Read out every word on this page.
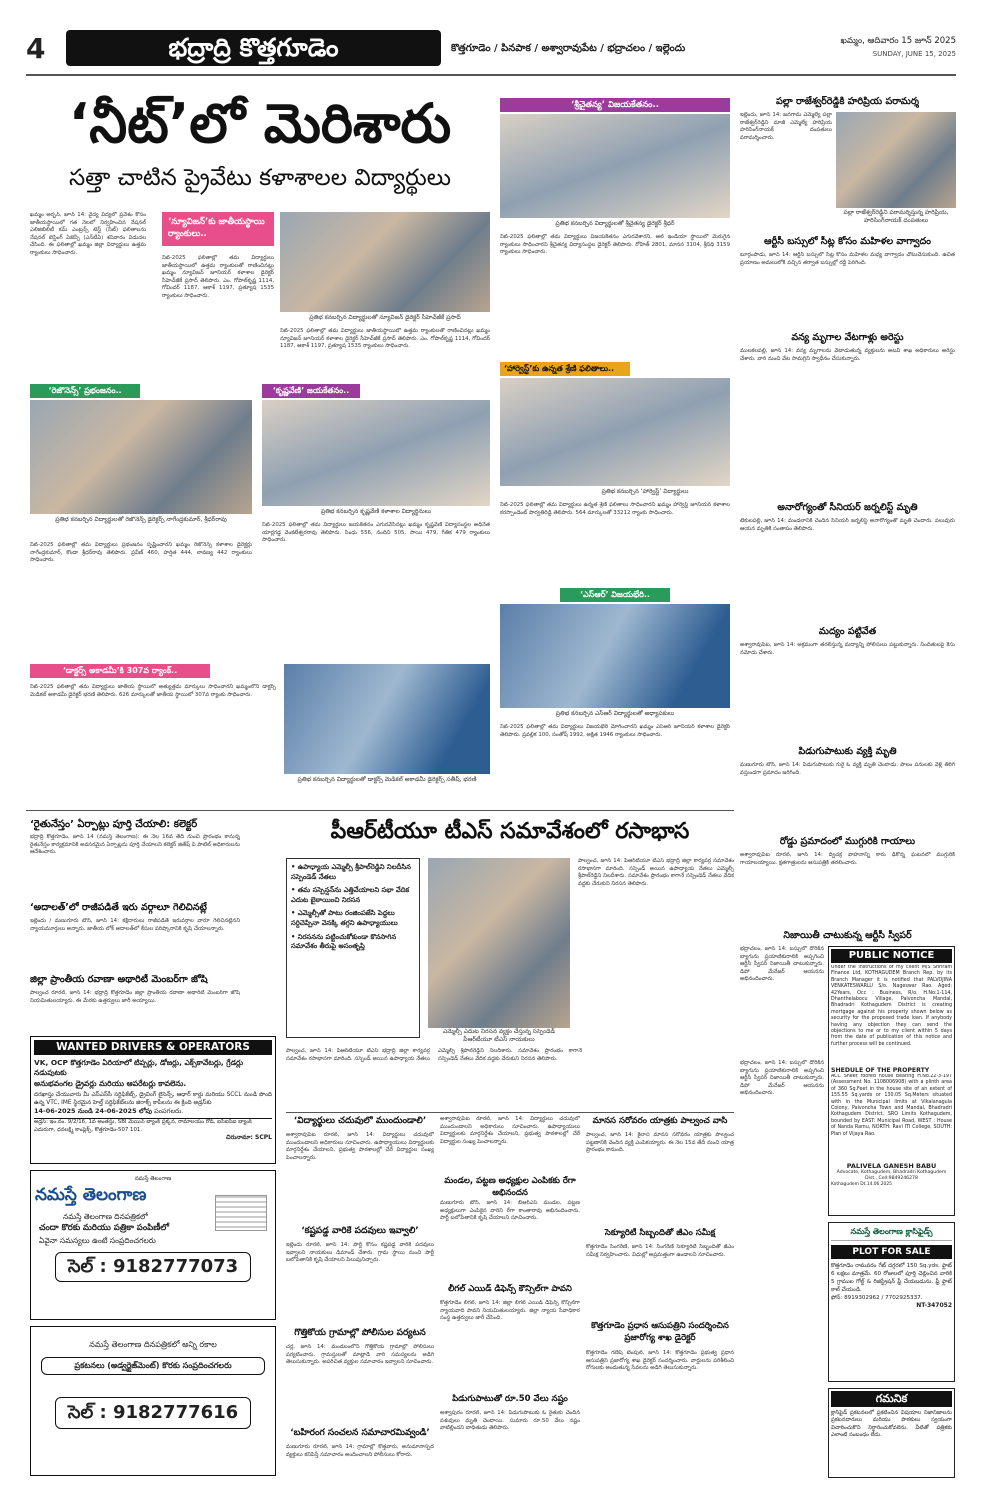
4	భద్రాద్రి కొత్తగూడెం	కొత్తగూడెం / పినపాక / అశ్వారావుపేట / భద్రాచలం / ఇల్లెందు
ఖమ్మం, ఆదివారం 15 జూన్ 2025
SUNDAY, JUNE 15, 2025
‘నీట్’లో మెరిశారు
సత్తా చాటిన ప్రైవేటు కళాశాలల విద్యార్థులు
ఖమ్మం అర్బన్, జూన్ 14: వైద్య విద్యలో ప్రవేశం కోసం జాతీయస్థాయిలో గత నెలలో నిర్వహించిన నేషనల్ ఎలిజిబిలిటీ కమ్ ఎంట్రన్స్ టెస్ట్ (నీట్) ఫలితాలను నేషనల్ టెస్టింగ్ ఏజెన్సీ (ఎన్‌టీఏ) శనివారం విడుదల చేసింది. ఈ ఫలితాల్లో ఖమ్మం జిల్లా విద్యార్థులు ఉత్తమ ర్యాంకులు సాధించారు.
‘న్యూవిజన్’కు జాతీయస్థాయి ర్యాంకులు..
ప్రతిభ కనబర్చిన విద్యార్థులతో న్యూవిజన్ డైరెక్టర్ సీహెచ్‌జీకే ప్రసాద్
నీట్-2025 ఫలితాల్లో తమ విద్యార్థులు జాతీయస్థాయిలో ఉత్తమ ర్యాంకులతో రాణించినట్లు ఖమ్మం న్యూవిజన్ జూనియర్ కళాశాల డైరెక్టర్ సీహెచ్‌జీకే ప్రసాద్ తెలిపారు. ఎం. గోపాల్‌కృష్ణ 1114, గోవిందర్ 1187, ఆకాశ్ 1197, ప్రత్యూష 1535 ర్యాంకులు సాధించారు.
నీట్-2025 ఫలితాల్లో తమ విద్యార్థులు జాతీయస్థాయిలో ఉత్తమ ర్యాంకులతో రాణించినట్లు ఖమ్మం న్యూవిజన్ జూనియర్ కళాశాల డైరెక్టర్ సీహెచ్‌జీకే ప్రసాద్ తెలిపారు. ఎం. గోపాల్‌కృష్ణ 1114, గోవిందర్ 1187, ఆకాశ్ 1197, ప్రత్యూష 1535 ర్యాంకులు సాధించారు.
‘శ్రీచైతన్య’ విజయకేతనం..
ప్రతిభ కనబర్చిన విద్యార్థులతో శ్రీచైతన్య డైరెక్టర్ శ్రీధర్
నీట్-2025 ఫలితాల్లో తమ విద్యార్థులు విజయకేతనం ఎగురవేశారని, ఆల్ ఇండియా స్థాయిలో మెరుగైన ర్యాంకులు సాధించారని శ్రీచైతన్య విద్యాసంస్థల డైరెక్టర్ తెలిపారు. రోహిత్ 2801, మానస 3104, శ్రీనిధి 3159 ర్యాంకులు సాధించారు.
‘హార్వెస్ట్’కు ఉన్నత శ్రేణి ఫలితాలు..
ప్రతిభ కనబర్చిన ‘హార్వెస్ట్’ విద్యార్థులు
నీట్-2025 ఫలితాల్లో తమ విద్యార్థులు ఉన్నత శ్రేణి ఫలితాలు సాధించారని ఖమ్మం హార్వెస్ట్ జూనియర్ కళాశాల కరస్పాండెంట్ పార్వతిరెడ్డి తెలిపారు. 564 మార్కులతో 33212 ర్యాంకు సాధించారు.
‘ఎస్ఆర్’ విజయభేరి..
ప్రతిభ కనబర్చిన ఎస్ఆర్ విద్యార్థులతో అధ్యాపకులు
నీట్-2025 ఫలితాల్లో తమ విద్యార్థులు విజయభేరి మోగించారని ఖమ్మం ఎస్ఆర్ జూనియర్ కళాశాల డైరెక్టర్ తెలిపారు. ప్రవల్లిక 100, సంతోష్ 1992, అక్షిత 1946 ర్యాంకులు సాధించారు.
‘రెజొనెన్స్’ ప్రభంజనం..
ప్రతిభ కనబర్చిన విద్యార్థులతో రెజొనెన్స్ డైరెక్టర్స్ నాగేంద్రకుమార్, శ్రీధర్‌రావు
నీట్-2025 ఫలితాల్లో తమ విద్యార్థులు ప్రభంజనం సృష్టించారని ఖమ్మం రెజొనెన్స్ కళాశాల డైరెక్టర్లు నాగేంద్రకుమార్, కొండా శ్రీధర్‌రావు తెలిపారు. ప్రవీణ్ 460, హర్షిత 444, లావణ్య 442 ర్యాంకులు సాధించారు.
‘కృష్ణవేణి’ జయకేతనం..
ప్రతిభ కనబర్చిన కృష్ణవేణి కళాశాల విద్యార్థినులు
నీట్-2025 ఫలితాల్లో తమ విద్యార్థులు జయకేతనం ఎగురవేసినట్లు ఖమ్మం కృష్ణవేణి విద్యాసంస్థల అధినేత యార్లగడ్డ వెంకటేశ్వరరావు తెలిపారు. సింధు 556, నందిని 505, సాయి 479, గీతిక 479 ర్యాంకులు సాధించారు.
‘డాక్టర్స్ అకాడమీ’కి 307వ ర్యాంక్..
నీట్-2025 ఫలితాల్లో తమ విద్యార్థులు జాతీయ స్థాయిలో అత్యుత్తమ మార్కులు సాధించారని ఖమ్మంలోని డాక్టర్స్ మెడికల్ అకాడమీ డైరెక్టర్ భరణి తెలిపారు. 626 మార్కులతో జాతీయ స్థాయిలో 307వ ర్యాంకు సాధించారు.
ప్రతిభ కనబర్చిన విద్యార్థులతో డాక్టర్స్ మెడికల్ అకాడమీ డైరెక్టర్స్ సతీష్, భరణి
పల్లా రాజేశ్వర్‌రెడ్డికి హరిప్రియ పరామర్శ
ఇల్లెందు, జూన్ 14: జనగామ ఎమ్మెల్యే పల్లా రాజేశ్వర్‌రెడ్డిని మాజీ ఎమ్మెల్యే హరిప్రియ హరిసింగ్‌నాయక్ దంపతులు పరామర్శించారు.
పల్లా రాజేశ్వర్‌రెడ్డిని పరామర్శిస్తున్న హరిప్రియ, హరిసింగ్‌నాయక్ దంపతులు
ఆర్టీసీ బస్సులో సీట్ల కోసం మహిళల వాగ్వాదం
బూర్గంపాడు, జూన్ 14: ఆర్టీసీ బస్సులో సీట్ల కోసం మహిళల మధ్య వాగ్వాదం చోటుచేసుకుంది. ఉచిత ప్రయాణం అమలులోకి వచ్చిన తర్వాత బస్సుల్లో రద్దీ పెరిగింది.
వన్య మృగాల వేటగాళ్లు అరెస్టు
ములకలపల్లి, జూన్ 14: వన్య మృగాలను వేటాడుతున్న వ్యక్తులను అటవీ శాఖ అధికారులు అరెస్టు చేశారు. వారి నుంచి వేట సామగ్రిని స్వాధీనం చేసుకున్నారు.
అనారోగ్యంతో సీనియర్ జర్నలిస్ట్ మృతి
టేకులపల్లి, జూన్ 14: మండలానికి చెందిన సీనియర్ జర్నలిస్ట్ అనారోగ్యంతో మృతి చెందారు. పలువురు ఆయన మృతికి సంతాపం తెలిపారు.
మద్యం పట్టివేత
అశ్వారావుపేట, జూన్ 14: అక్రమంగా తరలిస్తున్న మద్యాన్ని పోలీసులు పట్టుకున్నారు. నిందితులపై కేసు నమోదు చేశారు.
పిడుగుపాటుకు వ్యక్తి మృతి
మణుగూరు టౌన్, జూన్ 14: పిడుగుపాటుకు గురై ఓ వ్యక్తి మృతి చెందాడు. పొలం పనులకు వెళ్లి తిరిగి వస్తుండగా ప్రమాదం జరిగింది.
రోడ్డు ప్రమాదంలో ముగ్గురికి గాయాలు
అశ్వారావుపేట రూరల్, జూన్ 14: ద్విచక్ర వాహనాన్ని కారు ఢీకొన్న ఘటనలో ముగ్గురికి గాయాలయ్యాయి. క్షతగాత్రులను ఆసుపత్రికి తరలించారు.
నిజాయితీ చాటుకున్న ఆర్టీసీ స్వీపర్
భద్రాచలం, జూన్ 14: బస్సులో దొరికిన బ్యాగును ప్రయాణికురాలికి అప్పగించి ఆర్టీసీ స్వీపర్ నిజాయితీ చాటుకున్నారు. డిపో మేనేజర్ ఆయనను అభినందించారు.
PUBLIC NOTICE
Under the instructions of my client M/S Shriram Finance Ltd, KOTHAGUDEM Branch Rep. by its Branch Manager it is notified that PALVOJINA VENKATESWARLU S/o. Nageswar Rao. Aged: 42Years, Occ : Business, R/o. H.No:1-114, Dhanthelabocu Village, Palvoncha Mandal, Bhadradri Kothagudem District is creating mortgage against his property shown below as security for the proposed trade loan. If anybody having any objection they can send the objections to me or to my client within 5 days from the date of publication of this notice and further process will be continued.
SHEDULE OF THE PROPERTY
ACC Sheet roofed house bearing H.No.22-3-197 (Assessment No. 1108006908) with a plinth area of 360 Sq.Feet in the house site of an extent of 155.55 Sq.yards or 130.05 Sq.Meters situated with in the Municipal limits at Vikalanagula Colony, Palvoncha Town and Mandal, Bhadradri Kothagudem District, SRO Limits Kothagudem, bounded by EAST: Municipal Road, WEST : House of Nanda Ramu, NORTH: Ravi ITI College, SOUTH: Plan of Vijaya Rao.
PALIVELA GANESH BABU
Advocate, Kothagudem, Bhadradri Kothagudem Dist., Cell:9849246278
Kothagudem Dt.14.06.2025
నమస్తే తెలంగాణ క్లాసిఫైడ్స్
PLOT FOR SALE
కొత్తగూడెం రామవరం గేట్ దగ్గరలో 150 Sq.yds. ఫ్లాట్ 6 లక్షలు మాత్రమే. 60 రోజులలో పూర్తి చెల్లించిన వారికి 5 గ్రాముల గోల్డ్ & రిజిస్ట్రేషన్ ఫ్రీ చేయబడును. ఫ్రీ ఫ్లాట్ కాల్ చేయండి.
ఫోన్: 8919302962 / 7702925337.
NT-347052
గమనిక
క్లాసిఫైడ్ ప్రకటనలలో ప్రకటించిన విషయాల నిజానిజాలను ప్రకటనదారులు మరియు పాఠకులు స్వయంగా విచారించుకొని నిర్ధారించుకోవలెను. వీటితో పత్రికకు ఎలాంటి సంబంధం లేదు.
‘రైతునేస్తం’ ఏర్పాట్లు పూర్తి చేయాలి: కలెక్టర్
భద్రాద్రి కొత్తగూడెం, జూన్ 14 (నమస్తే తెలంగాణ): ఈ నెల 16వ తేదీ నుంచి ప్రారంభం కానున్న రైతునేస్తం కార్యక్రమానికి అవసరమైన ఏర్పాట్లను పూర్తి చేయాలని కలెక్టర్ జితేష్ వి పాటిల్ అధికారులను ఆదేశించారు.
‘అదాలత్’లో రాజీపడితే ఇరు వర్గాలూ గెలిచినట్లే
ఇల్లెందు / మణుగూరు టౌన్, జూన్ 14: కక్షిదారులు రాజీపడితే ఇరువర్గాల వారూ గెలిచినట్లేనని న్యాయమూర్తులు అన్నారు. జాతీయ లోక్ అదాలత్‌లో కేసుల పరిష్కారానికి కృషి చేయాలన్నారు.
జిల్లా ప్రాంతీయ రవాణా అథారిటీ మెంబర్‌గా జోషి
పాల్వంచ రూరల్, జూన్ 14: భద్రాద్రి కొత్తగూడెం జిల్లా ప్రాంతీయ రవాణా అథారిటీ మెంబర్‌గా జోషి నియమితులయ్యారు. ఈ మేరకు ఉత్తర్వులు జారీ అయ్యాయి.
WANTED DRIVERS & OPERATORS
VK, OCP కొత్తగూడెం ఏరియాలో టిప్పర్లు, డోజర్లు, ఎక్స్‌కావేటర్లు, గ్రేడర్లు నడుపుటకు
అనుభవంగల డ్రైవర్లు మరియు ఆపరేటర్లు కావలెను.
దరఖాస్తు చేయువారు మీ ఎస్ఎస్‌సీ సర్టిఫికేట్స్, డ్రైవింగ్ లైసెన్స్, ఆధార్ కార్డు మరియు SCCL నుండి పొంది ఉన్న VTC, IME స్థిరమైన హెల్త్ సర్టిఫికేట్‌లను జిరాక్స్ కాపీలను ఈ క్రింది అడ్రస్‌కు
14-06-2025 నుండి 24-06-2025 లోపు పంపగలరు.
అడ్రస్: ఇం.నం. 9/2/16, 1వ అంతస్తు, SBI మెయిన్ బ్యాంక్ ప్రక్కన, రామాలయం రోడ్, ఐసీఐసీఐ బ్యాంక్ ఎదురుగా, ధనలక్ష్మి కాంప్లెక్స్, కొత్తగూడెం-507 101.
చిరునామా: SCPL
నమస్తే తెలంగాణ
నమస్తే తెలంగాణ
నమస్తే తెలంగాణ దినపత్రికలో
చందా కొరకు మరియు పత్రికా పంపిణీలో
ఏవైనా సమస్యలు ఉంటే సంప్రదించగలరు
సెల్ : 9182777073
నమస్తే తెలంగాణ దినపత్రికలో అన్ని రకాల
ప్రకటనలు (అడ్వర్టైజ్‌మెంట్) కొరకు సంప్రదించగలరు
సెల్ : 9182777616
పీఆర్‌టీయూ టీఎస్ సమావేశంలో రసాభాస
• ఉపాధ్యాయ ఎమ్మెల్సీ శ్రీపాల్‌రెడ్డిని నిలదీసిన సస్పెండెడ్ నేతలు
• తమ సస్పెన్షన్‌ను ఎత్తివేయాలని సభా వేదిక ఎదుట బైఠాయించి నిరసన
• ఎమ్మెల్సీతో పాటు రంజింపజేసి పెద్దలు సర్దిచెప్పినా వెనక్కి తగ్గని ఉపాధ్యాయులు
• నిరసనను పట్టించుకోకుండా కొనసాగిన సమావేశం తీరుపై అసంతృప్తి
ఎమ్మెల్సీ ఎదుట నిరసన వ్యక్తం చేస్తున్న సస్పెండెడ్ పీఆర్‌టీయూ టీఎస్ నాయకులు
పాల్వంచ, జూన్ 14: పీఆర్‌టీయూ టీఎస్ భద్రాద్రి జిల్లా కార్యవర్గ సమావేశం రసాభాసగా మారింది. సస్పెండ్ అయిన ఉపాధ్యాయ నేతలు ఎమ్మెల్సీ శ్రీపాల్‌రెడ్డిని నిలదీశారు. సమావేశం ప్రారంభం కాగానే సస్పెండెడ్ నేతలు వేదిక వద్దకు చేరుకుని నిరసన తెలిపారు.
పాల్వంచ, జూన్ 14: పీఆర్‌టీయూ టీఎస్ భద్రాద్రి జిల్లా కార్యవర్గ సమావేశం రసాభాసగా మారింది. సస్పెండ్ అయిన ఉపాధ్యాయ నేతలు ఎమ్మెల్సీ శ్రీపాల్‌రెడ్డిని నిలదీశారు. సమావేశం ప్రారంభం కాగానే సస్పెండెడ్ నేతలు వేదిక వద్దకు చేరుకుని నిరసన తెలిపారు.
‘విద్యార్థులు చదువులో ముందుండాలి’
అశ్వారావుపేట రూరల్, జూన్ 14: విద్యార్థులు చదువులో ముందుండాలని అధికారులు సూచించారు. ఉపాధ్యాయులు విద్యార్థులకు మార్గనిర్దేశం చేయాలని, ప్రభుత్వ పాఠశాలల్లో చేరే విద్యార్థుల సంఖ్య పెంచాలన్నారు.
‘కష్టపడ్డ వారికే పదవులు ఇవ్వాలి’
ఇల్లెందు రూరల్, జూన్ 14: పార్టీ కోసం కష్టపడ్డ వారికే పదవులు ఇవ్వాలని నాయకులు డిమాండ్ చేశారు. గ్రామ స్థాయి నుంచి పార్టీ బలోపేతానికి కృషి చేయాలని పిలుపునిచ్చారు.
గొత్తికోయ గ్రామాల్లో పోలీసుల పర్యటన
చర్ల, జూన్ 14: మండలంలోని గొత్తికోయ గ్రామాల్లో పోలీసులు పర్యటించారు. గ్రామస్తులతో మాట్లాడి వారి సమస్యలను అడిగి తెలుసుకున్నారు. అపరిచిత వ్యక్తుల సమాచారం ఇవ్వాలని సూచించారు.
‘బహిరంగ సంచలన సమాచారమివ్వండి’
మణుగూరు రూరల్, జూన్ 14: గ్రామాల్లో కొత్తవారు, అనుమానాస్పద వ్యక్తులు కనిపిస్తే సమాచారం అందించాలని పోలీసులు కోరారు.
అశ్వారావుపేట రూరల్, జూన్ 14: విద్యార్థులు చదువులో ముందుండాలని అధికారులు సూచించారు. ఉపాధ్యాయులు విద్యార్థులకు మార్గనిర్దేశం చేయాలని, ప్రభుత్వ పాఠశాలల్లో చేరే విద్యార్థుల సంఖ్య పెంచాలన్నారు.
మండల, పట్టణ అధ్యక్షుల ఎంపికకు రేగా అభినందన
మణుగూరు టౌన్, జూన్ 14: బీఆర్ఎస్ మండల, పట్టణ అధ్యక్షులుగా ఎంపికైన వారిని రేగా కాంతారావు అభినందించారు. పార్టీ బలోపేతానికి కృషి చేయాలని సూచించారు.
లీగల్ ఎయిడ్ డిఫెన్స్ కౌన్సిల్‌గా పావని
కొత్తగూడెం లీగల్, జూన్ 14: జిల్లా లీగల్ ఎయిడ్ డిఫెన్స్ కౌన్సిల్‌గా న్యాయవాది పావని నియమితులయ్యారు. జిల్లా న్యాయ సేవాధికార సంస్థ ఉత్తర్వులు జారీ చేసింది.
పిడుగుపాటుతో రూ.50 వేలు నష్టం
అశ్వాపురం రూరల్, జూన్ 14: పిడుగుపాటుకు ఓ రైతుకు చెందిన పశువులు మృతి చెందాయి. సుమారు రూ.50 వేలు నష్టం వాటిల్లిందని బాధితుడు తెలిపారు.
మానస సరోవరం యాత్రకు పాల్వంచ వాసి
పాల్వంచ, జూన్ 14: కైలాస మానస సరోవరం యాత్రకు పాల్వంచ పట్టణానికి చెందిన వ్యక్తి ఎంపికయ్యారు. ఈ నెల 15వ తేదీ నుంచి యాత్ర ప్రారంభం కానుంది.
సెక్యూరిటీ సిబ్బందితో జీఎం సమీక్ష
కొత్తగూడెం సింగరేణి, జూన్ 14: సింగరేణి సెక్యూరిటీ సిబ్బందితో జీఎం సమీక్ష నిర్వహించారు. విధుల్లో అప్రమత్తంగా ఉండాలని సూచించారు.
కొత్తగూడెం ప్రధాన ఆసుపత్రిని సందర్శించిన ప్రజారోగ్య శాఖ డైరెక్టర్
కొత్తగూడెం గణేష్ టెంపుల్, జూన్ 14: కొత్తగూడెం ప్రభుత్వ ప్రధాన ఆసుపత్రిని ప్రజారోగ్య శాఖ డైరెక్టర్ సందర్శించారు. వార్డులను పరిశీలించి రోగులకు అందుతున్న సేవలను అడిగి తెలుసుకున్నారు.
భద్రాచలం, జూన్ 14: బస్సులో దొరికిన బ్యాగును ప్రయాణికురాలికి అప్పగించి ఆర్టీసీ స్వీపర్ నిజాయితీ చాటుకున్నారు. డిపో మేనేజర్ ఆయనను అభినందించారు.
